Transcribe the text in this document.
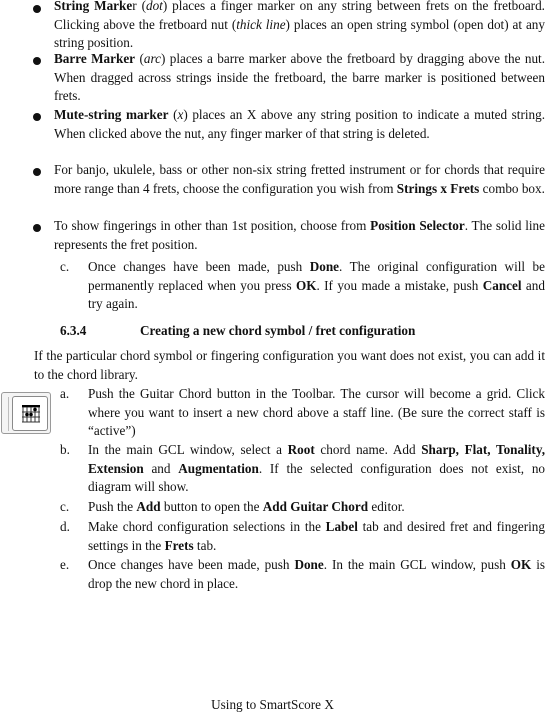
String Marker (dot) places a finger marker on any string between frets on the fretboard. Clicking above the fretboard nut (thick line) places an open string symbol (open dot) at any string position.

Barre Marker (arc) places a barre marker above the fretboard by dragging above the nut. When dragged across strings inside the fretboard, the barre marker is positioned between frets.

Mute-string marker (x) places an X above any string position to indicate a muted string. When clicked above the nut, any finger marker of that string is deleted.

For banjo, ukulele, bass or other non-six string fretted instrument or for chords that require more range than 4 frets, choose the configuration you wish from Strings x Frets combo box.

To show fingerings in other than 1st position, choose from Position Selector. The solid line represents the fret position.

c. Once changes have been made, push Done. The original configuration will be permanently replaced when you press OK. If you made a mistake, push Cancel and try again.

6.3.4	Creating a new chord symbol / fret configuration

If the particular chord symbol or fingering configuration you want does not exist, you can add it to the chord library.

a. Push the Guitar Chord button in the Toolbar. The cursor will become a grid. Click where you want to insert a new chord above a staff line. (Be sure the correct staff is “active”)

b. In the main GCL window, select a Root chord name. Add Sharp, Flat, Tonality, Extension and Augmentation. If the selected configuration does not exist, no diagram will show.

c. Push the Add button to open the Add Guitar Chord editor.

d. Make chord configuration selections in the Label tab and desired fret and fingering settings in the Frets tab.

e. Once changes have been made, push Done. In the main GCL window, push OK is drop the new chord in place.

Using to SmartScore X
